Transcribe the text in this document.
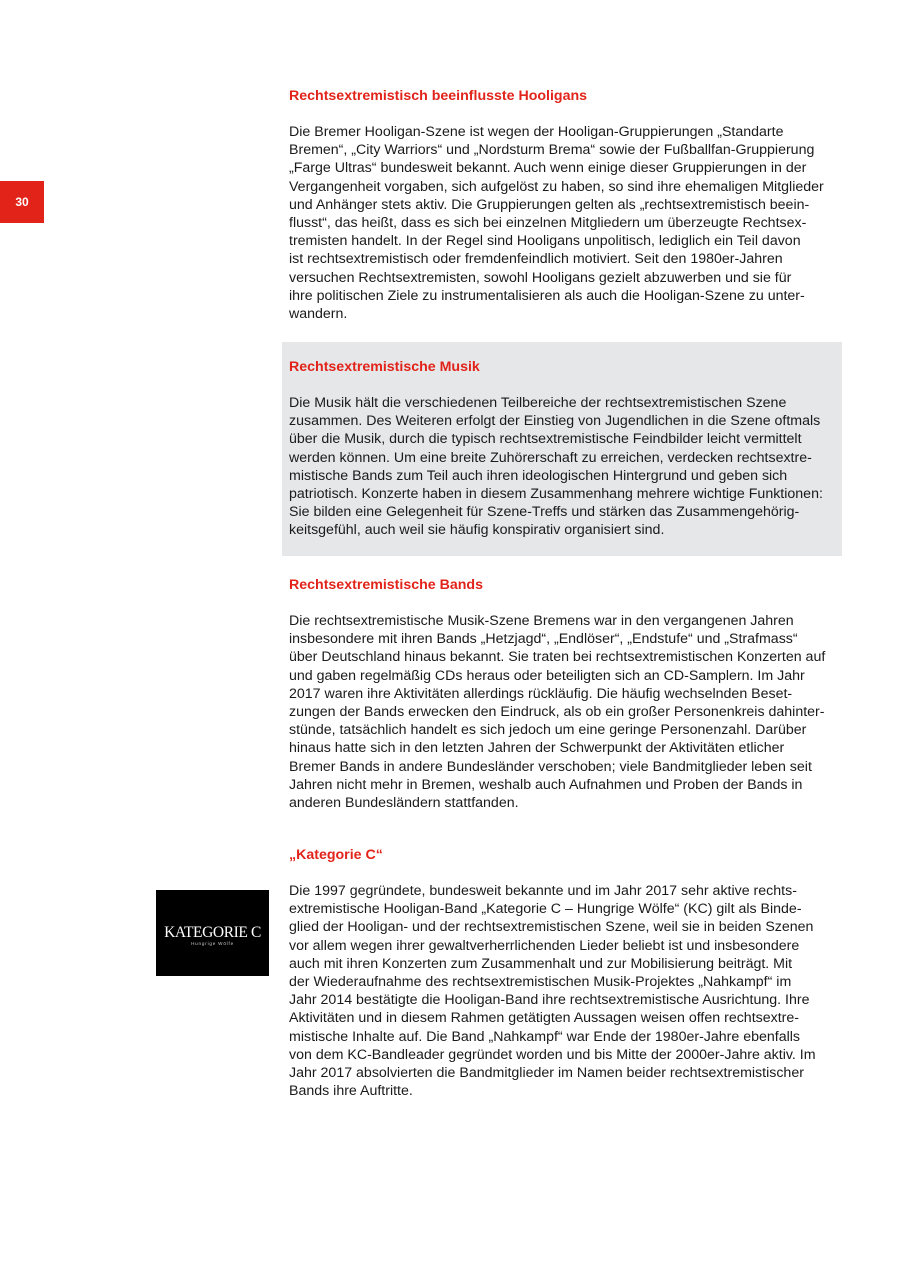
30
KATEGORIE C
Hungrige Wölfe
Rechtsextremistisch beeinflusste Hooligans

Die Bremer Hooligan-Szene ist wegen der Hooligan-Gruppierungen „Standarte
Bremen“, „City Warriors“ und „Nordsturm Brema“ sowie der Fußballfan-Gruppierung
„Farge Ultras“ bundesweit bekannt. Auch wenn einige dieser Gruppierungen in der
Vergangenheit vorgaben, sich aufgelöst zu haben, so sind ihre ehemaligen Mitglieder
und Anhänger stets aktiv. Die Gruppierungen gelten als „rechtsextremistisch beein-
flusst“, das heißt, dass es sich bei einzelnen Mitgliedern um überzeugte Rechtsex-
tremisten handelt. In der Regel sind Hooligans unpolitisch, lediglich ein Teil davon
ist rechtsextremistisch oder fremdenfeindlich motiviert. Seit den 1980er-Jahren
versuchen Rechtsextremisten, sowohl Hooligans gezielt abzuwerben und sie für
ihre politischen Ziele zu instrumentalisieren als auch die Hooligan-Szene zu unter-
wandern.

Rechtsextremistische Musik

Die Musik hält die verschiedenen Teilbereiche der rechtsextremistischen Szene
zusammen. Des Weiteren erfolgt der Einstieg von Jugendlichen in die Szene oftmals
über die Musik, durch die typisch rechtsextremistische Feindbilder leicht vermittelt
werden können. Um eine breite Zuhörerschaft zu erreichen, verdecken rechtsextre-
mistische Bands zum Teil auch ihren ideologischen Hintergrund und geben sich
patriotisch. Konzerte haben in diesem Zusammenhang mehrere wichtige Funktionen:
Sie bilden eine Gelegenheit für Szene-Treffs und stärken das Zusammengehörig-
keitsgefühl, auch weil sie häufig konspirativ organisiert sind.

Rechtsextremistische Bands

Die rechtsextremistische Musik-Szene Bremens war in den vergangenen Jahren
insbesondere mit ihren Bands „Hetzjagd“, „Endlöser“, „Endstufe“ und „Strafmass“
über Deutschland hinaus bekannt. Sie traten bei rechtsextremistischen Konzerten auf
und gaben regelmäßig CDs heraus oder beteiligten sich an CD-Samplern. Im Jahr
2017 waren ihre Aktivitäten allerdings rückläufig. Die häufig wechselnden Beset-
zungen der Bands erwecken den Eindruck, als ob ein großer Personenkreis dahinter-
stünde, tatsächlich handelt es sich jedoch um eine geringe Personenzahl. Darüber
hinaus hatte sich in den letzten Jahren der Schwerpunkt der Aktivitäten etlicher
Bremer Bands in andere Bundesländer verschoben; viele Bandmitglieder leben seit
Jahren nicht mehr in Bremen, weshalb auch Aufnahmen und Proben der Bands in
anderen Bundesländern stattfanden.

„Kategorie C“

Die 1997 gegründete, bundesweit bekannte und im Jahr 2017 sehr aktive rechts-
extremistische Hooligan-Band „Kategorie C – Hungrige Wölfe“ (KC) gilt als Binde-
glied der Hooligan- und der rechtsextremistischen Szene, weil sie in beiden Szenen
vor allem wegen ihrer gewaltverherrlichenden Lieder beliebt ist und insbesondere
auch mit ihren Konzerten zum Zusammenhalt und zur Mobilisierung beiträgt. Mit
der Wiederaufnahme des rechtsextremistischen Musik-Projektes „Nahkampf“ im
Jahr 2014 bestätigte die Hooligan-Band ihre rechtsextremistische Ausrichtung. Ihre
Aktivitäten und in diesem Rahmen getätigten Aussagen weisen offen rechtsextre-
mistische Inhalte auf. Die Band „Nahkampf“ war Ende der 1980er-Jahre ebenfalls
von dem KC-Bandleader gegründet worden und bis Mitte der 2000er-Jahre aktiv. Im
Jahr 2017 absolvierten die Bandmitglieder im Namen beider rechtsextremistischer
Bands ihre Auftritte.
